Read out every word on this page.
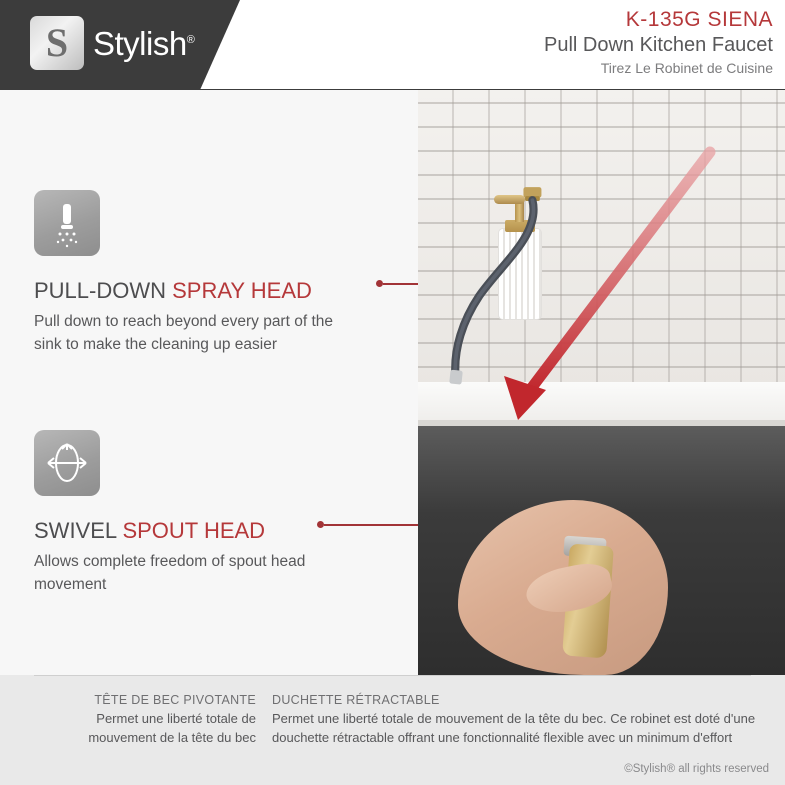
S Stylish®
K-135G SIENA
Pull Down Kitchen Faucet
Tirez Le Robinet de Cuisine
PULL-DOWN SPRAY HEAD
Pull down to reach beyond every part of the sink to make the cleaning up easier
SWIVEL SPOUT HEAD
Allows complete freedom of spout head movement
TÊTE DE BEC PIVOTANTE
Permet une liberté totale de mouvement de la tête du bec
DUCHETTE RÉTRACTABLE
Permet une liberté totale de mouvement de la tête du bec. Ce robinet est doté d'une douchette rétractable offrant une fonctionnalité flexible avec un minimum d'effort
©Stylish® all rights reserved
